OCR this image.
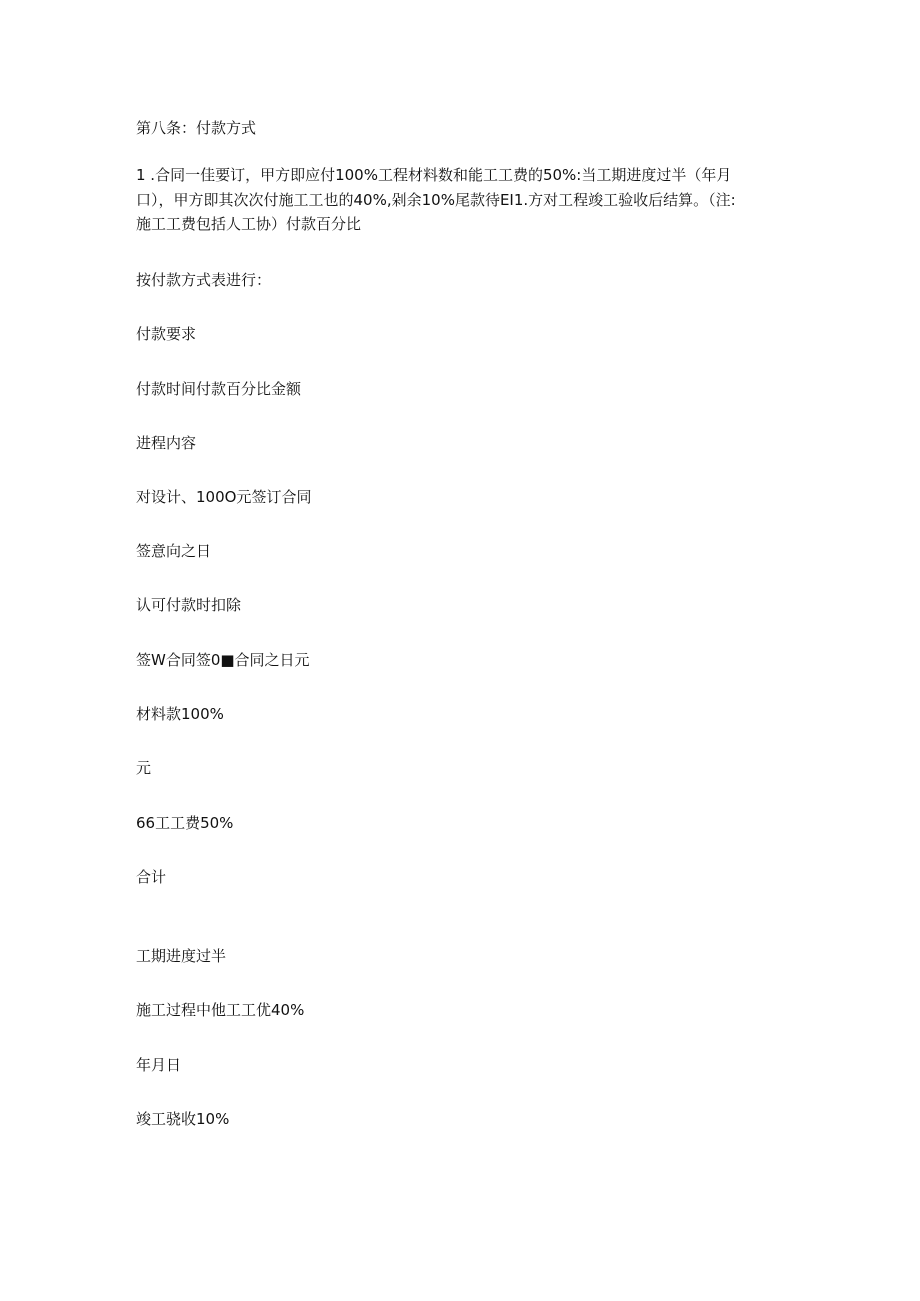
第八条：付款方式
1 .合同一佳要订，甲方即应付100%工程材料数和能工工费的50%:当工期进度过半（年月
口），甲方即其次次付施工工也的40%,剁余10%尾款待EI1.方对工程竣工验收后结算。（注:
施工工费包括人工协）付款百分比
按付款方式表进行：
付款要求
付款时间付款百分比金额
进程内容
对设计、100O元签订合同
签意向之日
认可付款时扣除
签W合同签0■合同之日元
材料款100%
元
66工工费50%
合计
工期进度过半
施工过程中他工工优40%
年月日
竣工骁收10%
